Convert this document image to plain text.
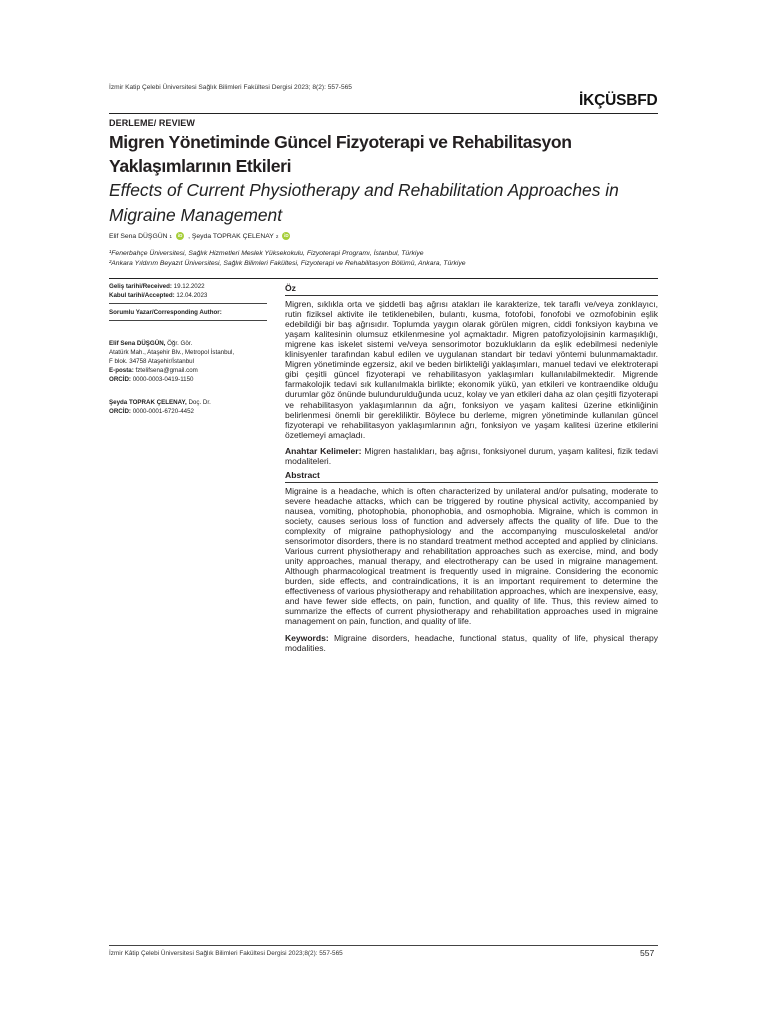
İzmir Katip Çelebi Üniversitesi Sağlık Bilimleri Fakültesi Dergisi 2023; 8(2): 557-565
İKÇÜSBFD
DERLEME/ REVIEW
Migren Yönetiminde Güncel Fizyoterapi ve Rehabilitasyon Yaklaşımlarının Etkileri
Effects of Current Physiotherapy and Rehabilitation Approaches in Migraine Management
Elif Sena DÜŞGÜN 1	iD , Şeyda TOPRAK ÇELENAY 2	iD
¹Fenerbahçe Üniversitesi, Sağlık Hizmetleri Meslek Yüksekokulu, Fizyoterapi Programı, İstanbul, Türkiye
²Ankara Yıldırım Beyazıt Üniversitesi, Sağlık Bilimleri Fakültesi, Fizyoterapi ve Rehabilitasyon Bölümü, Ankara, Türkiye
Geliş tarihi/Received: 19.12.2022
Kabul tarihi/Accepted: 12.04.2023
Sorumlu Yazar/Corresponding Author:
Elif Sena DÜŞGÜN, Öğr. Gör.
Atatürk Mah., Ataşehir Blv., Metropol İstanbul,
F blok. 34758 Ataşehir/İstanbul
E-posta: fztelifsena@gmail.com
ORCİD: 0000-0003-0419-1150
Şeyda TOPRAK ÇELENAY, Doç. Dr.
ORCİD: 0000-0001-6720-4452
Öz

Migren, sıklıkla orta ve şiddetli baş ağrısı atakları ile karakterize, tek taraflı ve/veya zonklayıcı, rutin fiziksel aktivite ile tetiklenebilen, bulantı, kusma, fotofobi, fonofobi ve ozmofobinin eşlik edebildiği bir baş ağrısıdır. Toplumda yaygın olarak görülen migren, ciddi fonksiyon kaybına ve yaşam kalitesinin olumsuz etkilenmesine yol açmaktadır. Migren patofizyolojisinin karmaşıklığı, migrene kas iskelet sistemi ve/veya sensorimotor bozuklukların da eşlik edebilmesi nedeniyle klinisyenler tarafından kabul edilen ve uygulanan standart bir tedavi yöntemi bulunmamaktadır. Migren yönetiminde egzersiz, akıl ve beden birlikteliği yaklaşımları, manuel tedavi ve elektroterapi gibi çeşitli güncel fizyoterapi ve rehabilitasyon yaklaşımları kullanılabilmektedir. Migrende farmakolojik tedavi sık kullanılmakla birlikte; ekonomik yükü, yan etkileri ve kontraendike olduğu durumlar göz önünde bulundurulduğunda ucuz, kolay ve yan etkileri daha az olan çeşitli fizyoterapi ve rehabilitasyon yaklaşımlarının da ağrı, fonksiyon ve yaşam kalitesi üzerine etkinliğinin belirlenmesi önemli bir gerekliliktir. Böylece bu derleme, migren yönetiminde kullanılan güncel fizyoterapi ve rehabilitasyon yaklaşımlarının ağrı, fonksiyon ve yaşam kalitesi üzerine etkilerini özetlemeyi amaçladı.

Anahtar Kelimeler: Migren hastalıkları, baş ağrısı, fonksiyonel durum, yaşam kalitesi, fizik tedavi modaliteleri.

Abstract

Migraine is a headache, which is often characterized by unilateral and/or pulsating, moderate to severe headache attacks, which can be triggered by routine physical activity, accompanied by nausea, vomiting, photophobia, phonophobia, and osmophobia. Migraine, which is common in society, causes serious loss of function and adversely affects the quality of life. Due to the complexity of migraine pathophysiology and the accompanying musculoskeletal and/or sensorimotor disorders, there is no standard treatment method accepted and applied by clinicians. Various current physiotherapy and rehabilitation approaches such as exercise, mind, and body unity approaches, manual therapy, and electrotherapy can be used in migraine management. Although pharmacological treatment is frequently used in migraine. Considering the economic burden, side effects, and contraindications, it is an important requirement to determine the effectiveness of various physiotherapy and rehabilitation approaches, which are inexpensive, easy, and have fewer side effects, on pain, function, and quality of life. Thus, this review aimed to summarize the effects of current physiotherapy and rehabilitation approaches used in migraine management on pain, function, and quality of life.

Keywords: Migraine disorders, headache, functional status, quality of life, physical therapy modalities.

İzmir Kâtip Çelebi Üniversitesi Sağlık Bilimleri Fakültesi Dergisi 2023;8(2): 557-565	557
